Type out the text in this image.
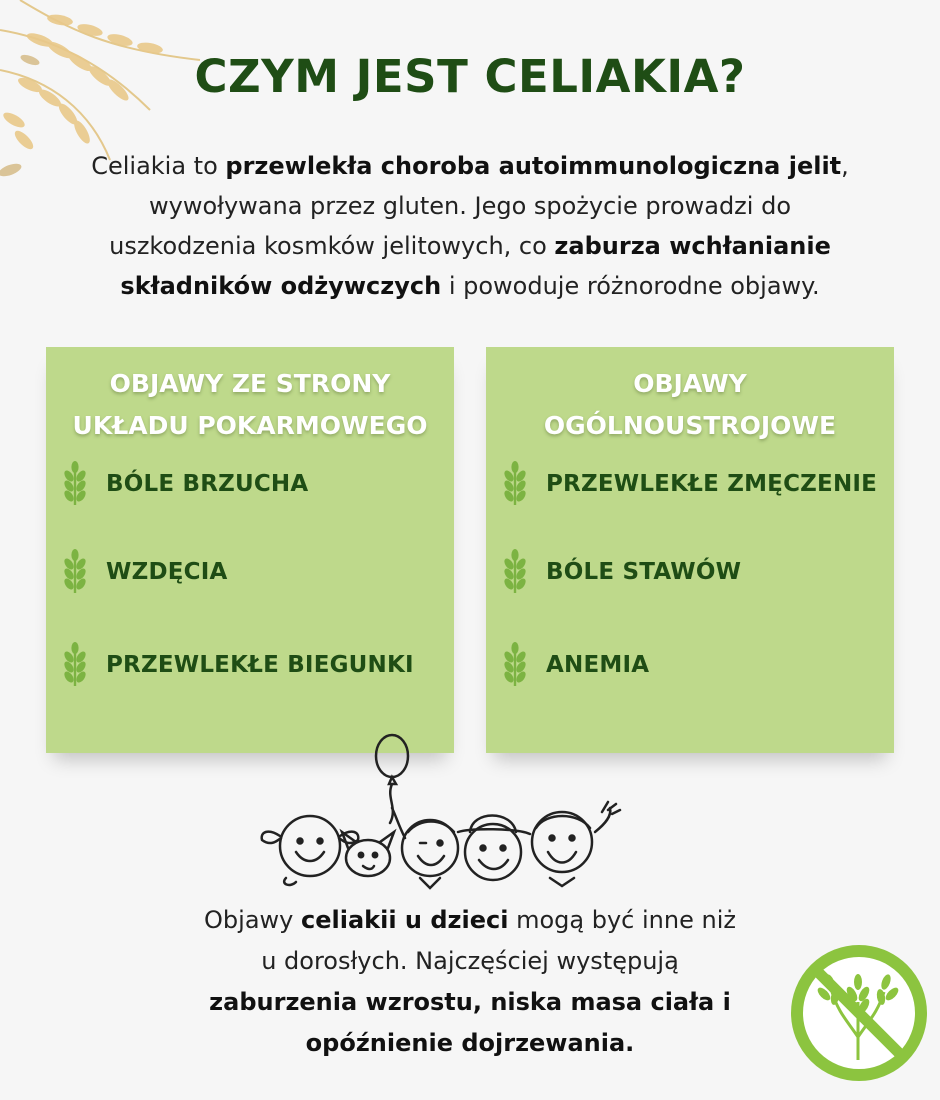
CZYM JEST CELIAKIA?
Celiakia to przewlekła choroba autoimmunologiczna jelit,
wywoływana przez gluten. Jego spożycie prowadzi do
uszkodzenia kosmków jelitowych, co zaburza wchłanianie
składników odżywczych i powoduje różnorodne objawy.
OBJAWY ZE STRONY
UKŁADU POKARMOWEGO
BÓLE BRZUCHA
WZDĘCIA
PRZEWLEKŁE BIEGUNKI
OBJAWY
OGÓLNOUSTROJOWE
PRZEWLEKŁE ZMĘCZENIE
BÓLE STAWÓW
ANEMIA
Objawy celiakii u dzieci mogą być inne niż
u dorosłych. Najczęściej występują
zaburzenia wzrostu, niska masa ciała i
opóźnienie dojrzewania.
